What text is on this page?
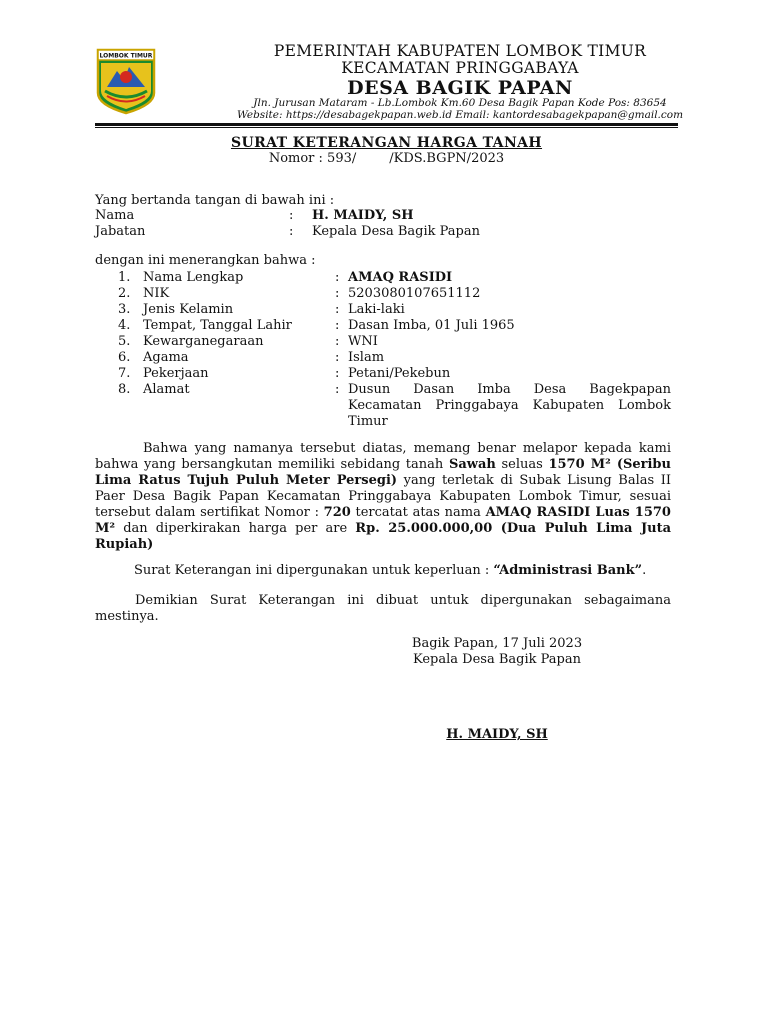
LOMBOK TIMUR	PEMERINTAH KABUPATEN LOMBOK TIMUR
KECAMATAN PRINGGABAYA
DESA BAGIK PAPAN
Jln. Jurusan Mataram - Lb.Lombok Km.60 Desa Bagik Papan Kode Pos: 83654
Website: https://desabagekpapan.web.id Email: kantordesabagekpapan@gmail.com
SURAT KETERANGAN HARGA TANAH
Nomor : 593/        /KDS.BGPN/2023
Yang bertanda tangan di bawah ini :
Nama	: H. MAIDY, SH
Jabatan	: Kepala Desa Bagik Papan
dengan ini menerangkan bahwa :
1. Nama Lengkap	: AMAQ RASIDI
2. NIK	: 5203080107651112
3. Jenis Kelamin	: Laki-laki
4. Tempat, Tanggal Lahir	: Dasan Imba, 01 Juli 1965
5. Kewarganegaraan	: WNI
6. Agama	: Islam
7. Pekerjaan	: Petani/Pekebun
8. Alamat	: Dusun Dasan Imba Desa Bagekpapan Kecamatan Pringgabaya Kabupaten Lombok Timur
Bahwa yang namanya tersebut diatas, memang benar melapor kepada kami bahwa yang bersangkutan memiliki sebidang tanah Sawah seluas 1570 M² (Seribu Lima Ratus Tujuh Puluh Meter Persegi) yang terletak di Subak Lisung Balas II Paer Desa Bagik Papan Kecamatan Pringgabaya Kabupaten Lombok Timur, sesuai tersebut dalam sertifikat Nomor : 720 tercatat atas nama AMAQ RASIDI Luas 1570 M² dan diperkirakan harga per are Rp. 25.000.000,00 (Dua Puluh Lima Juta Rupiah)
Surat Keterangan ini dipergunakan untuk keperluan : “Administrasi Bank”.
Demikian Surat Keterangan ini dibuat untuk dipergunakan sebagaimana mestinya.
Bagik Papan, 17 Juli 2023
Kepala Desa Bagik Papan
H. MAIDY, SH
